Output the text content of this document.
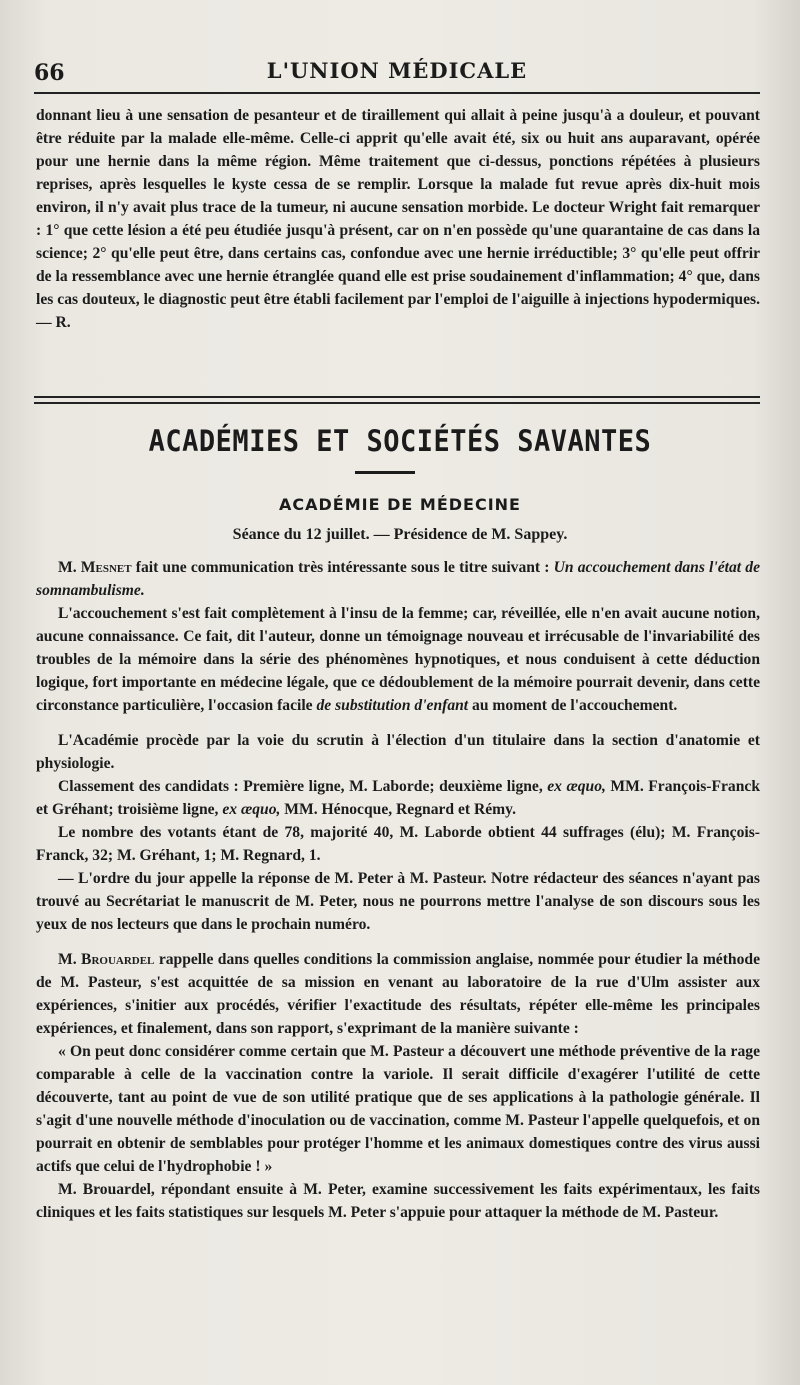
66	L'UNION MÉDICALE

donnant lieu à une sensation de pesanteur et de tiraillement qui allait à peine jusqu'à a douleur, et pouvant être réduite par la malade elle-même. Celle-ci apprit qu'elle avait été, six ou huit ans auparavant, opérée pour une hernie dans la même région. Même traitement que ci-dessus, ponctions répétées à plusieurs reprises, après lesquelles le kyste cessa de se remplir. Lorsque la malade fut revue après dix-huit mois environ, il n'y avait plus trace de la tumeur, ni aucune sensation morbide. Le docteur Wright fait remarquer : 1° que cette lésion a été peu étudiée jusqu'à présent, car on n'en possède qu'une quarantaine de cas dans la science; 2° qu'elle peut être, dans certains cas, confondue avec une hernie irréductible; 3° qu'elle peut offrir de la ressemblance avec une hernie étranglée quand elle est prise soudainement d'inflammation; 4° que, dans les cas douteux, le diagnostic peut être établi facilement par l'emploi de l'aiguille à injections hypodermiques. — R.

ACADÉMIES ET SOCIÉTÉS SAVANTES
ACADÉMIE DE MÉDECINE
Séance du 12 juillet. — Présidence de M. Sappey.

M. Mesnet fait une communication très intéressante sous le titre suivant : Un accouchement dans l'état de somnambulisme.

L'accouchement s'est fait complètement à l'insu de la femme; car, réveillée, elle n'en avait aucune notion, aucune connaissance. Ce fait, dit l'auteur, donne un témoignage nouveau et irrécusable de l'invariabilité des troubles de la mémoire dans la série des phénomènes hypnotiques, et nous conduisent à cette déduction logique, fort importante en médecine légale, que ce dédoublement de la mémoire pourrait devenir, dans cette circonstance particulière, l'occasion facile de substitution d'enfant au moment de l'accouchement.

L'Académie procède par la voie du scrutin à l'élection d'un titulaire dans la section d'anatomie et physiologie.

Classement des candidats : Première ligne, M. Laborde; deuxième ligne, ex æquo, MM. François-Franck et Gréhant; troisième ligne, ex æquo, MM. Hénocque, Regnard et Rémy.

Le nombre des votants étant de 78, majorité 40, M. Laborde obtient 44 suffrages (élu); M. François-Franck, 32; M. Gréhant, 1; M. Regnard, 1.

— L'ordre du jour appelle la réponse de M. Peter à M. Pasteur. Notre rédacteur des séances n'ayant pas trouvé au Secrétariat le manuscrit de M. Peter, nous ne pourrons mettre l'analyse de son discours sous les yeux de nos lecteurs que dans le prochain numéro.

M. Brouardel rappelle dans quelles conditions la commission anglaise, nommée pour étudier la méthode de M. Pasteur, s'est acquittée de sa mission en venant au laboratoire de la rue d'Ulm assister aux expériences, s'initier aux procédés, vérifier l'exactitude des résultats, répéter elle-même les principales expériences, et finalement, dans son rapport, s'exprimant de la manière suivante :

« On peut donc considérer comme certain que M. Pasteur a découvert une méthode préventive de la rage comparable à celle de la vaccination contre la variole. Il serait difficile d'exagérer l'utilité de cette découverte, tant au point de vue de son utilité pratique que de ses applications à la pathologie générale. Il s'agit d'une nouvelle méthode d'inoculation ou de vaccination, comme M. Pasteur l'appelle quelquefois, et on pourrait en obtenir de semblables pour protéger l'homme et les animaux domestiques contre des virus aussi actifs que celui de l'hydrophobie ! »

M. Brouardel, répondant ensuite à M. Peter, examine successivement les faits expérimentaux, les faits cliniques et les faits statistiques sur lesquels M. Peter s'appuie pour attaquer la méthode de M. Pasteur.
